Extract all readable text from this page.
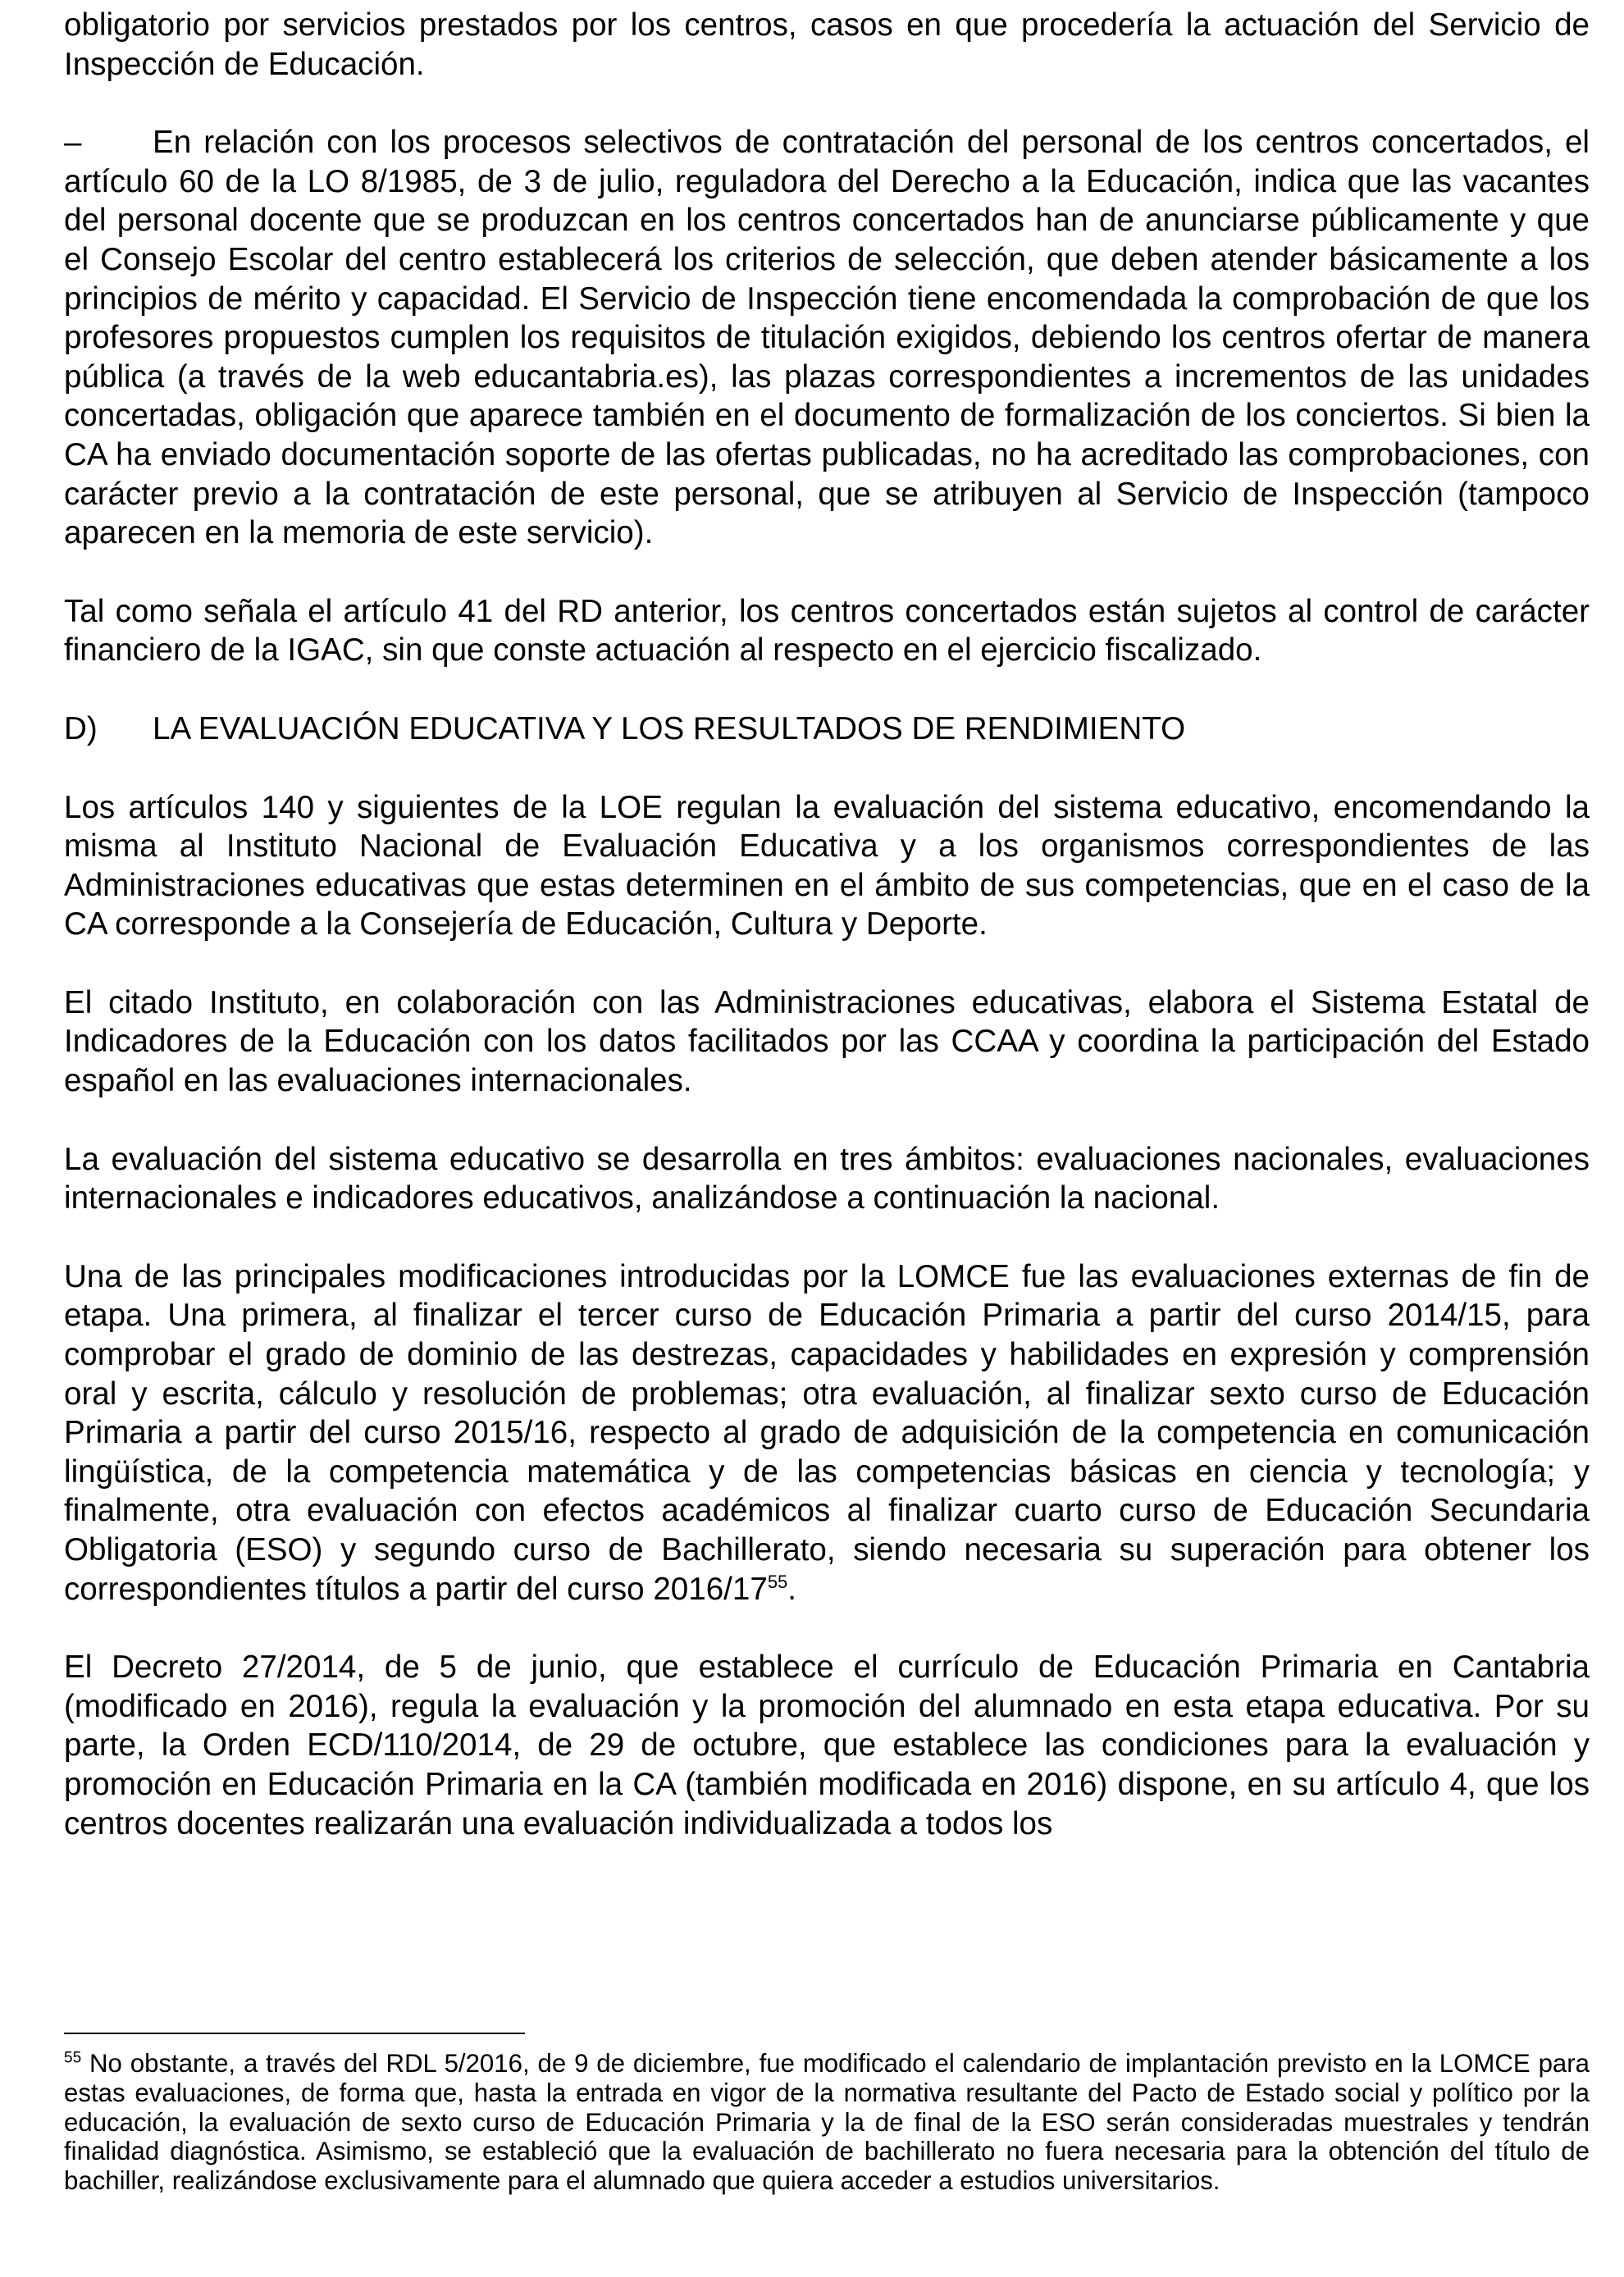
obligatorio por servicios prestados por los centros, casos en que procedería la actuación del Servicio de Inspección de Educación.

– En relación con los procesos selectivos de contratación del personal de los centros concertados, el artículo 60 de la LO 8/1985, de 3 de julio, reguladora del Derecho a la Educación, indica que las vacantes del personal docente que se produzcan en los centros concertados han de anunciarse públicamente y que el Consejo Escolar del centro establecerá los criterios de selección, que deben atender básicamente a los principios de mérito y capacidad. El Servicio de Inspección tiene encomendada la comprobación de que los profesores propuestos cumplen los requisitos de titulación exigidos, debiendo los centros ofertar de manera pública (a través de la web educantabria.es), las plazas correspondientes a incrementos de las unidades concertadas, obligación que aparece también en el documento de formalización de los conciertos. Si bien la CA ha enviado documentación soporte de las ofertas publicadas, no ha acreditado las comprobaciones, con carácter previo a la contratación de este personal, que se atribuyen al Servicio de Inspección (tampoco aparecen en la memoria de este servicio).

Tal como señala el artículo 41 del RD anterior, los centros concertados están sujetos al control de carácter financiero de la IGAC, sin que conste actuación al respecto en el ejercicio fiscalizado.

D)	LA EVALUACIÓN EDUCATIVA Y LOS RESULTADOS DE RENDIMIENTO

Los artículos 140 y siguientes de la LOE regulan la evaluación del sistema educativo, encomendando la misma al Instituto Nacional de Evaluación Educativa y a los organismos correspondientes de las Administraciones educativas que estas determinen en el ámbito de sus competencias, que en el caso de la CA corresponde a la Consejería de Educación, Cultura y Deporte.

El citado Instituto, en colaboración con las Administraciones educativas, elabora el Sistema Estatal de Indicadores de la Educación con los datos facilitados por las CCAA y coordina la participación del Estado español en las evaluaciones internacionales.

La evaluación del sistema educativo se desarrolla en tres ámbitos: evaluaciones nacionales, evaluaciones internacionales e indicadores educativos, analizándose a continuación la nacional.

Una de las principales modificaciones introducidas por la LOMCE fue las evaluaciones externas de fin de etapa. Una primera, al finalizar el tercer curso de Educación Primaria a partir del curso 2014/15, para comprobar el grado de dominio de las destrezas, capacidades y habilidades en expresión y comprensión oral y escrita, cálculo y resolución de problemas; otra evaluación, al finalizar sexto curso de Educación Primaria a partir del curso 2015/16, respecto al grado de adquisición de la competencia en comunicación lingüística, de la competencia matemática y de las competencias básicas en ciencia y tecnología; y finalmente, otra evaluación con efectos académicos al finalizar cuarto curso de Educación Secundaria Obligatoria (ESO) y segundo curso de Bachillerato, siendo necesaria su superación para obtener los correspondientes títulos a partir del curso $2016/17^{55}$.

El Decreto 27/2014, de 5 de junio, que establece el currículo de Educación Primaria en Cantabria (modificado en 2016), regula la evaluación y la promoción del alumnado en esta etapa educativa. Por su parte, la Orden ECD/110/2014, de 29 de octubre, que establece las condiciones para la evaluación y promoción en Educación Primaria en la CA (también modificada en 2016) dispone, en su artículo 4, que los centros docentes realizarán una evaluación individualizada a todos los

$^{55}$ No obstante, a través del RDL 5/2016, de 9 de diciembre, fue modificado el calendario de implantación previsto en la LOMCE para estas evaluaciones, de forma que, hasta la entrada en vigor de la normativa resultante del Pacto de Estado social y político por la educación, la evaluación de sexto curso de Educación Primaria y la de final de la ESO serán consideradas muestrales y tendrán finalidad diagnóstica. Asimismo, se estableció que la evaluación de bachillerato no fuera necesaria para la obtención del título de bachiller, realizándose exclusivamente para el alumnado que quiera acceder a estudios universitarios.
